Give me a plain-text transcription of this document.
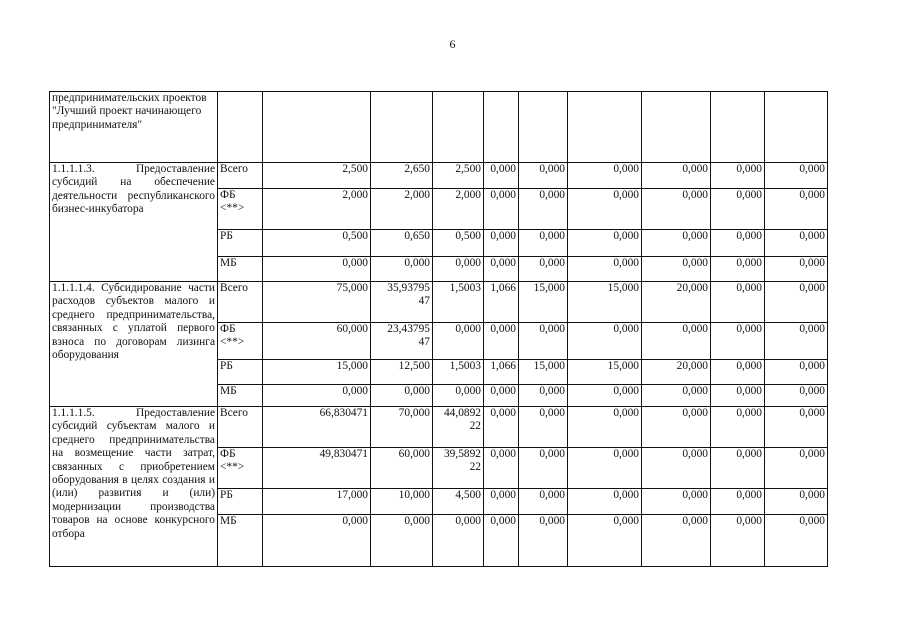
6
предпринимательских проектов "Лучший проект начинающего предпринимателя"										
1.1.1.1.3. Предоставление субсидий на обеспечение деятельности республиканского бизнес-инкубатора	Всего	2,500	2,650	2,500	0,000	0,000	0,000	0,000	0,000	0,000
	ФБ <**>	2,000	2,000	2,000	0,000	0,000	0,000	0,000	0,000	0,000
	РБ	0,500	0,650	0,500	0,000	0,000	0,000	0,000	0,000	0,000
	МБ	0,000	0,000	0,000	0,000	0,000	0,000	0,000	0,000	0,000
1.1.1.1.4. Субсидирование части расходов субъектов малого и среднего предпринимательства, связанных с уплатой первого взноса по договорам лизинга оборудования	Всего	75,000	35,93795
47	1,5003	1,066	15,000	15,000	20,000	0,000	0,000
	ФБ <**>	60,000	23,43795
47	0,000	0,000	0,000	0,000	0,000	0,000	0,000
	РБ	15,000	12,500	1,5003	1,066	15,000	15,000	20,000	0,000	0,000
	МБ	0,000	0,000	0,000	0,000	0,000	0,000	0,000	0,000	0,000
1.1.1.1.5. Предоставление субсидий субъектам малого и среднего предпринимательства на возмещение части затрат, связанных с приобретением оборудования в целях создания и (или) развития и (или) модернизации производства товаров на основе конкурсного отбора	Всего	66,830471	70,000	44,0892
22	0,000	0,000	0,000	0,000	0,000	0,000
	ФБ <**>	49,830471	60,000	39,5892
22	0,000	0,000	0,000	0,000	0,000	0,000
	РБ	17,000	10,000	4,500	0,000	0,000	0,000	0,000	0,000	0,000
	МБ	0,000	0,000	0,000	0,000	0,000	0,000	0,000	0,000	0,000
